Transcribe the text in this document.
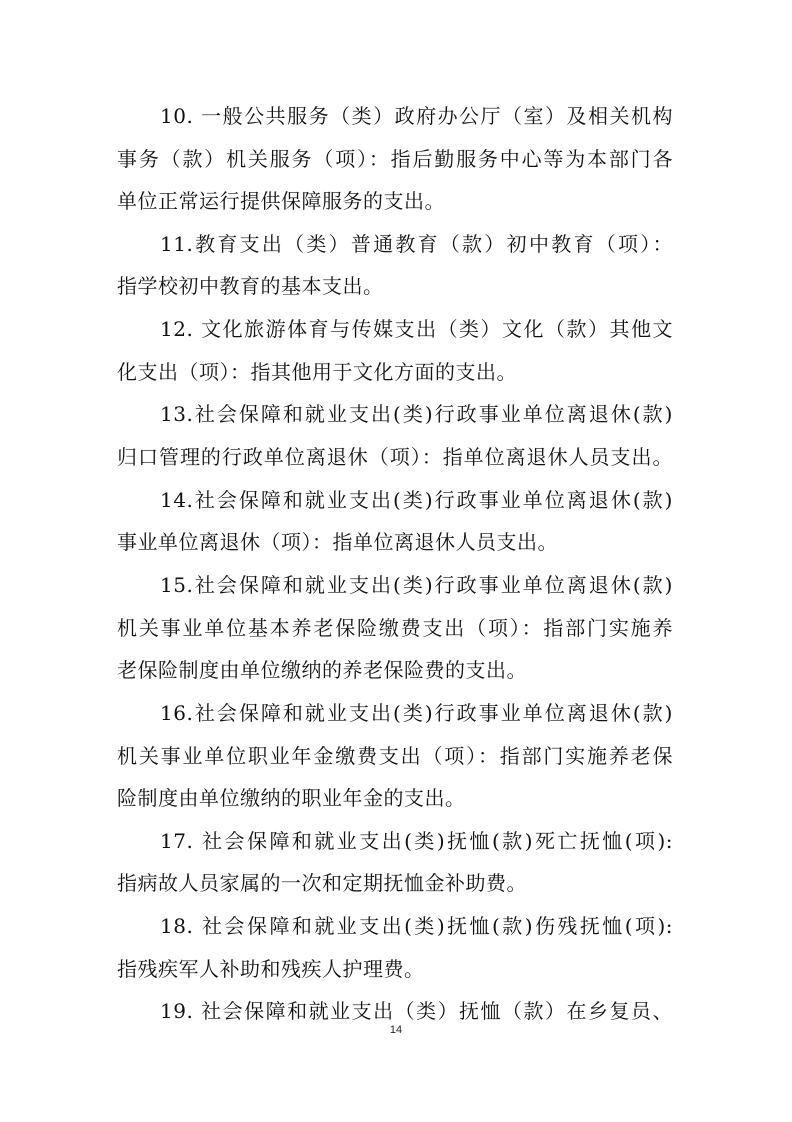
10. 一般公共服务（类）政府办公厅（室）及相关机构
事务（款）机关服务（项）：指后勤服务中心等为本部门各
单位正常运行提供保障服务的支出。
11.教育支出（类）普通教育（款）初中教育（项）：
指学校初中教育的基本支出。
12. 文化旅游体育与传媒支出（类）文化（款）其他文
化支出（项）：指其他用于文化方面的支出。
13.社会保障和就业支出(类)行政事业单位离退休(款)
归口管理的行政单位离退休（项）：指单位离退休人员支出。
14.社会保障和就业支出(类)行政事业单位离退休(款)
事业单位离退休（项）：指单位离退休人员支出。
15.社会保障和就业支出(类)行政事业单位离退休(款)
机关事业单位基本养老保险缴费支出（项）：指部门实施养
老保险制度由单位缴纳的养老保险费的支出。
16.社会保障和就业支出(类)行政事业单位离退休(款)
机关事业单位职业年金缴费支出（项）：指部门实施养老保
险制度由单位缴纳的职业年金的支出。
17. 社会保障和就业支出(类)抚恤(款)死亡抚恤(项):
指病故人员家属的一次和定期抚恤金补助费。
18. 社会保障和就业支出(类)抚恤(款)伤残抚恤(项):
指残疾军人补助和残疾人护理费。
19. 社会保障和就业支出（类）抚恤（款）在乡复员、
14
